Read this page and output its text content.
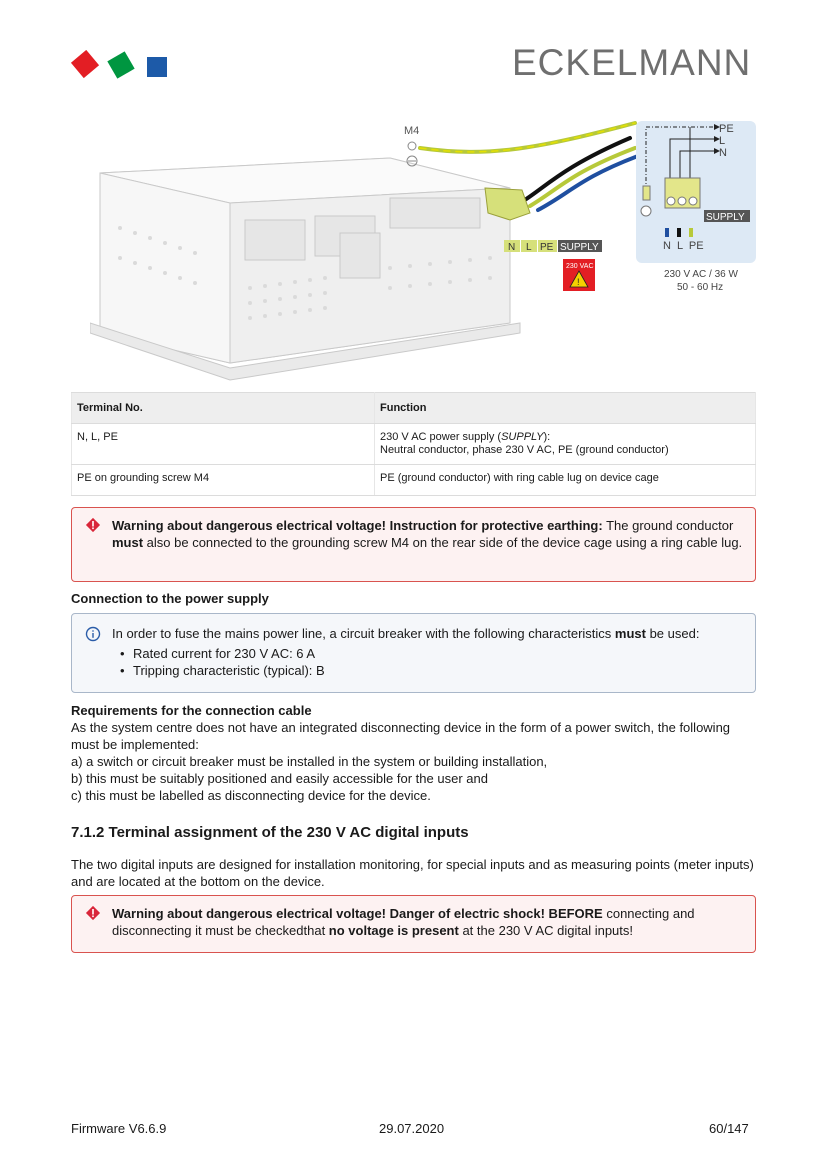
ECKELMANN
M4
N L PE SUPPLY
230 VAC
!
PE
L
N
SUPPLY
N  L  PE
230 V AC / 36 W
50 - 60 Hz
Terminal No.	Function
N, L, PE	230 V AC power supply (SUPPLY):
Neutral conductor, phase 230 V AC, PE (ground conductor)
PE on grounding screw M4	PE (ground conductor) with ring cable lug on device cage
Warning about dangerous electrical voltage! Instruction for protective earthing: The ground conductor must also be connected to the grounding screw M4 on the rear side of the device cage using a ring cable lug.
Connection to the power supply
In order to fuse the mains power line, a circuit breaker with the following characteristics must be used:
• Rated current for 230 V AC: 6 A
• Tripping characteristic (typical): B
Requirements for the connection cable
As the system centre does not have an integrated disconnecting device in the form of a power switch, the following must be implemented:
a) a switch or circuit breaker must be installed in the system or building installation,
b) this must be suitably positioned and easily accessible for the user and
c) this must be labelled as disconnecting device for the device.
7.1.2 Terminal assignment of the 230 V AC digital inputs
The two digital inputs are designed for installation monitoring, for special inputs and as measuring points (meter inputs) and are located at the bottom on the device.
Warning about dangerous electrical voltage! Danger of electric shock! BEFORE connecting and disconnecting it must be checkedthat no voltage is present at the 230 V AC digital inputs!
Firmware V6.6.9	29.07.2020	60/147
